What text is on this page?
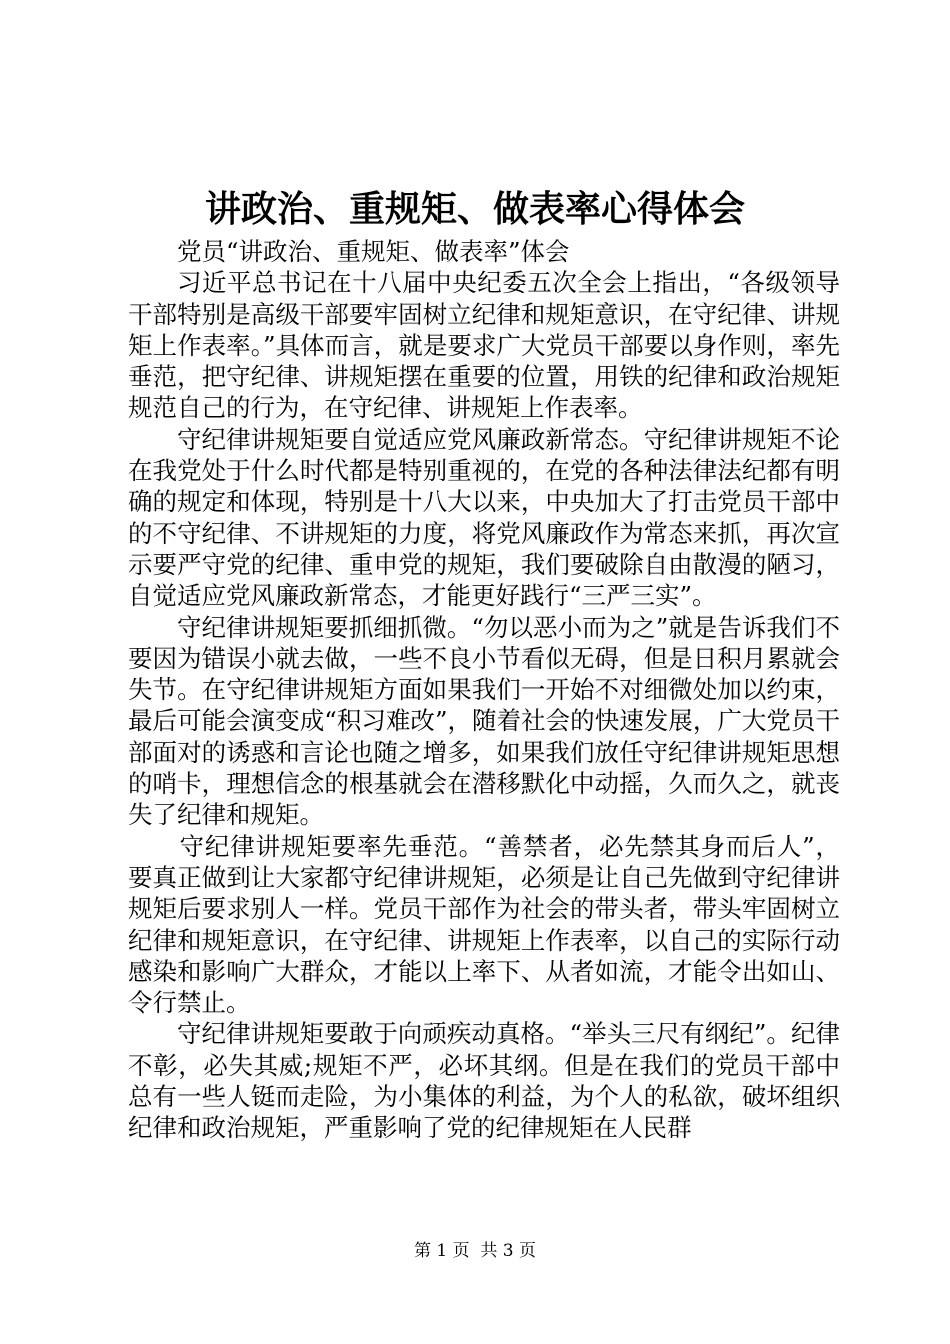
讲政治、重规矩、做表率心得体会

党员“讲政治、重规矩、做表率”体会

习近平总书记在十八届中央纪委五次全会上指出，“各级领导干部特别是高级干部要牢固树立纪律和规矩意识，在守纪律、讲规矩上作表率。”具体而言，就是要求广大党员干部要以身作则，率先垂范，把守纪律、讲规矩摆在重要的位置，用铁的纪律和政治规矩规范自己的行为，在守纪律、讲规矩上作表率。

守纪律讲规矩要自觉适应党风廉政新常态。守纪律讲规矩不论在我党处于什么时代都是特别重视的，在党的各种法律法纪都有明确的规定和体现，特别是十八大以来，中央加大了打击党员干部中的不守纪律、不讲规矩的力度，将党风廉政作为常态来抓，再次宣示要严守党的纪律、重申党的规矩，我们要破除自由散漫的陋习，自觉适应党风廉政新常态，才能更好践行“三严三实”。

守纪律讲规矩要抓细抓微。“勿以恶小而为之”就是告诉我们不要因为错误小就去做，一些不良小节看似无碍，但是日积月累就会失节。在守纪律讲规矩方面如果我们一开始不对细微处加以约束，最后可能会演变成“积习难改”，随着社会的快速发展，广大党员干部面对的诱惑和言论也随之增多，如果我们放任守纪律讲规矩思想的哨卡，理想信念的根基就会在潜移默化中动摇，久而久之，就丧失了纪律和规矩。

守纪律讲规矩要率先垂范。“善禁者，必先禁其身而后人”，要真正做到让大家都守纪律讲规矩，必须是让自己先做到守纪律讲规矩后要求别人一样。党员干部作为社会的带头者，带头牢固树立纪律和规矩意识，在守纪律、讲规矩上作表率，以自己的实际行动感染和影响广大群众，才能以上率下、从者如流，才能令出如山、令行禁止。

守纪律讲规矩要敢于向顽疾动真格。“举头三尺有纲纪”。纪律不彰，必失其威;规矩不严，必坏其纲。但是在我们的党员干部中总有一些人铤而走险，为小集体的利益，为个人的私欲，破坏组织纪律和政治规矩，严重影响了党的纪律规矩在人民群

第 1 页  共 3 页
